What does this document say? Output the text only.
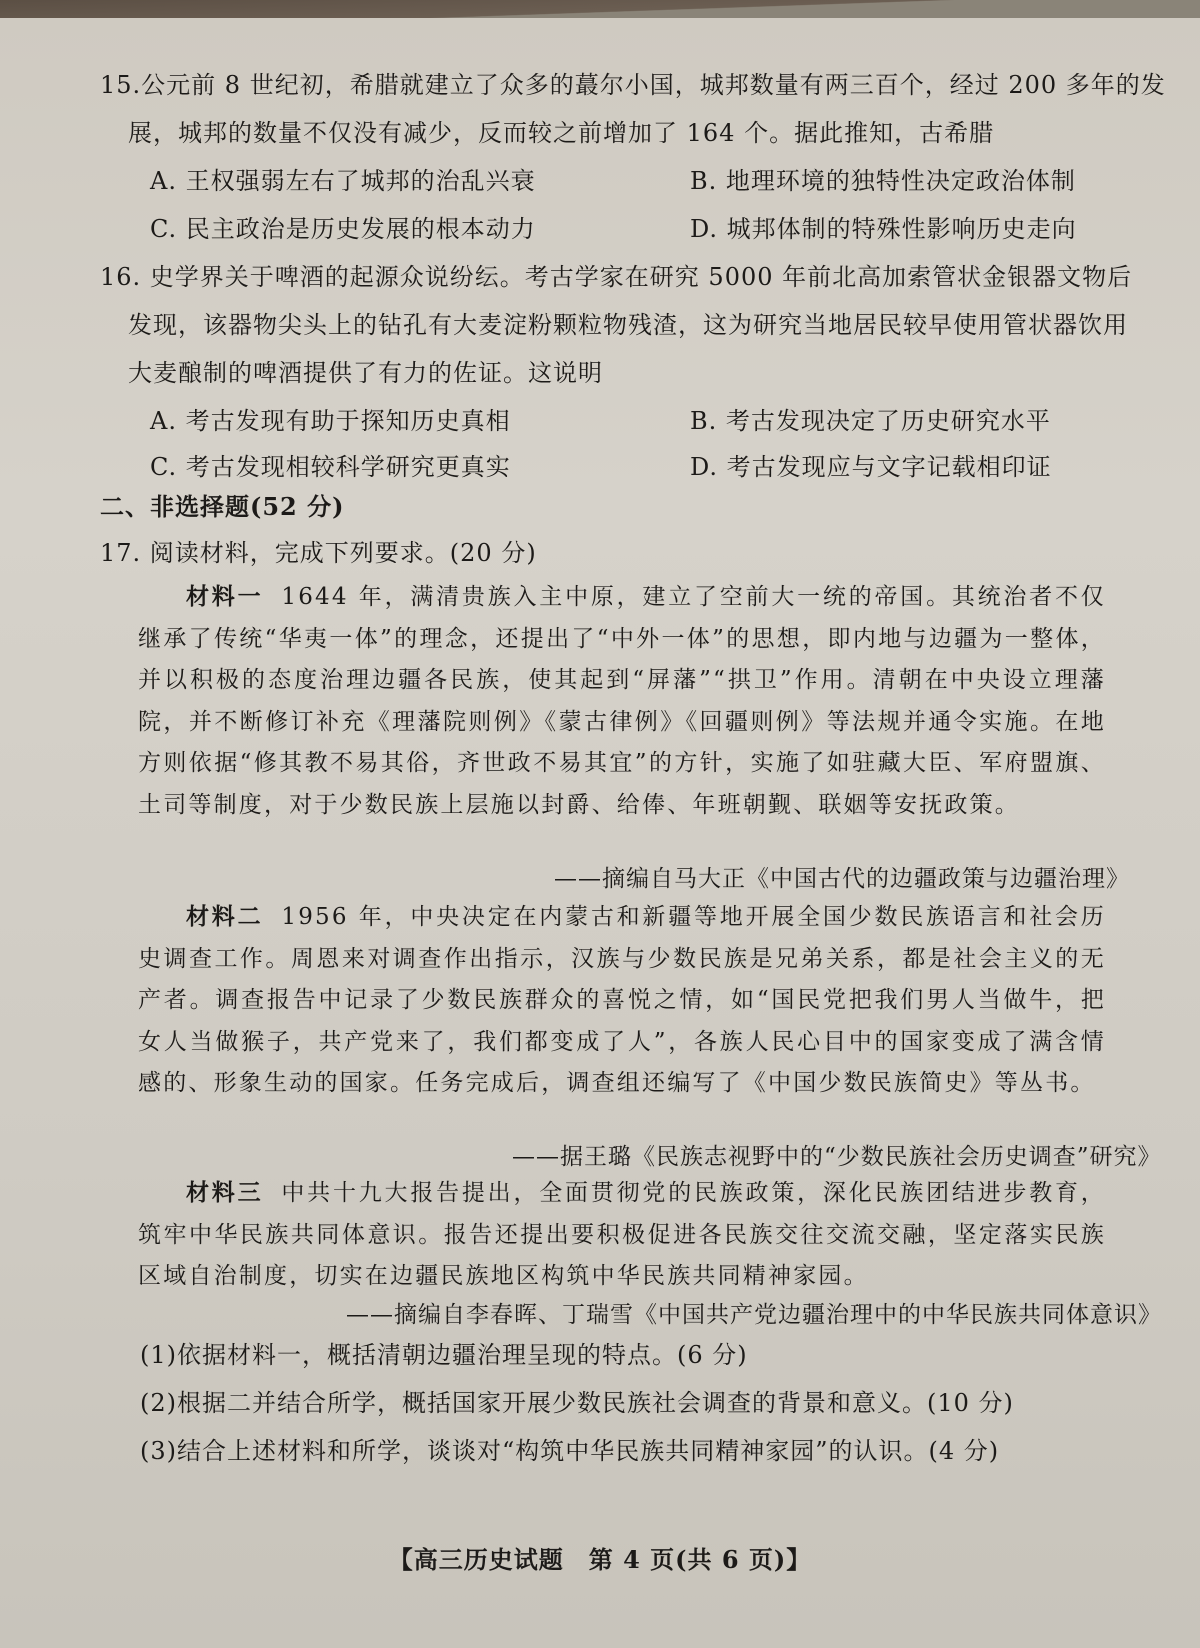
15.公元前 8 世纪初，希腊就建立了众多的蕞尔小国，城邦数量有两三百个，经过 200 多年的发
展，城邦的数量不仅没有减少，反而较之前增加了 164 个。据此推知，古希腊
A. 王权强弱左右了城邦的治乱兴衰	B. 地理环境的独特性决定政治体制
C. 民主政治是历史发展的根本动力	D. 城邦体制的特殊性影响历史走向
16. 史学界关于啤酒的起源众说纷纭。考古学家在研究 5000 年前北高加索管状金银器文物后
发现，该器物尖头上的钻孔有大麦淀粉颗粒物残渣，这为研究当地居民较早使用管状器饮用
大麦酿制的啤酒提供了有力的佐证。这说明
A. 考古发现有助于探知历史真相	B. 考古发现决定了历史研究水平
C. 考古发现相较科学研究更真实	D. 考古发现应与文字记载相印证
二、非选择题(52 分)
17. 阅读材料，完成下列要求。(20 分)
材料一 1644 年，满清贵族入主中原，建立了空前大一统的帝国。其统治者不仅继承了传统“华夷一体”的理念，还提出了“中外一体”的思想，即内地与边疆为一整体，并以积极的态度治理边疆各民族，使其起到“屏藩”“拱卫”作用。清朝在中央设立理藩院，并不断修订补充《理藩院则例》《蒙古律例》《回疆则例》等法规并通令实施。在地方则依据“修其教不易其俗，齐世政不易其宜”的方针，实施了如驻藏大臣、军府盟旗、土司等制度，对于少数民族上层施以封爵、给俸、年班朝觐、联姻等安抚政策。
——摘编自马大正《中国古代的边疆政策与边疆治理》
材料二 1956 年，中央决定在内蒙古和新疆等地开展全国少数民族语言和社会历史调查工作。周恩来对调查作出指示，汉族与少数民族是兄弟关系，都是社会主义的无产者。调查报告中记录了少数民族群众的喜悦之情，如“国民党把我们男人当做牛，把女人当做猴子，共产党来了，我们都变成了人”，各族人民心目中的国家变成了满含情感的、形象生动的国家。任务完成后，调查组还编写了《中国少数民族简史》等丛书。
——据王璐《民族志视野中的“少数民族社会历史调查”研究》
材料三 中共十九大报告提出，全面贯彻党的民族政策，深化民族团结进步教育，筑牢中华民族共同体意识。报告还提出要积极促进各民族交往交流交融，坚定落实民族区域自治制度，切实在边疆民族地区构筑中华民族共同精神家园。
——摘编自李春晖、丁瑞雪《中国共产党边疆治理中的中华民族共同体意识》
(1)依据材料一，概括清朝边疆治理呈现的特点。(6 分)
(2)根据二并结合所学，概括国家开展少数民族社会调查的背景和意义。(10 分)
(3)结合上述材料和所学，谈谈对“构筑中华民族共同精神家园”的认识。(4 分)
【高三历史试题　第 4 页(共 6 页)】
